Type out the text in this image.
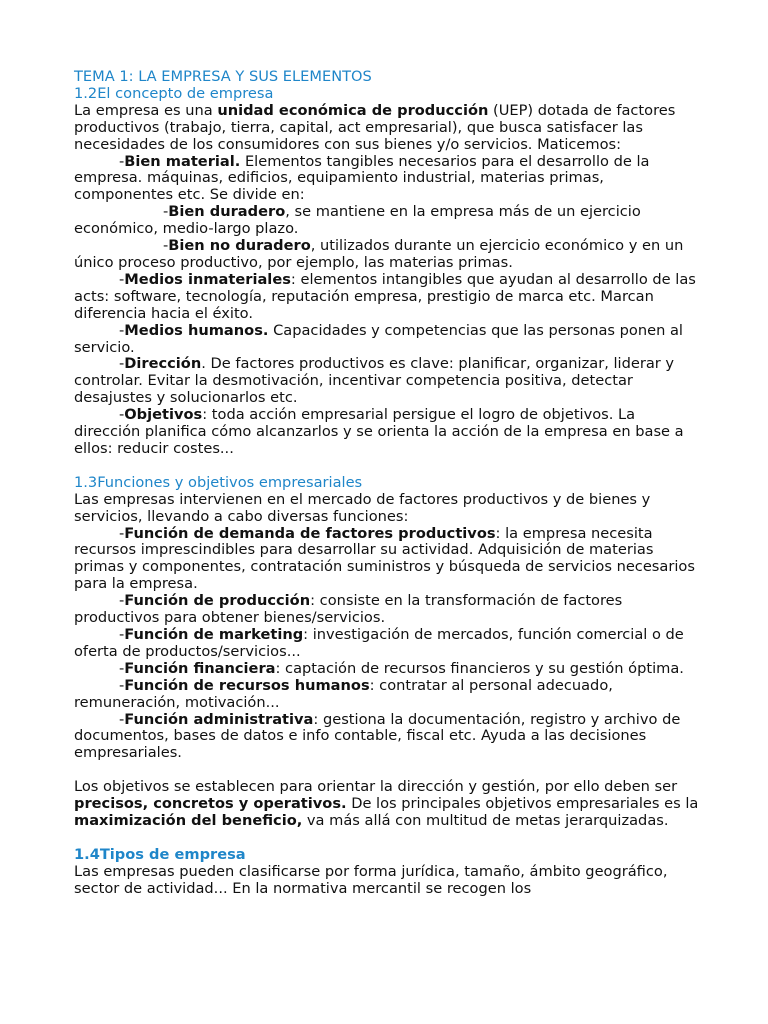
TEMA 1: LA EMPRESA Y SUS ELEMENTOS

1.2El concepto de empresa

La empresa es una unidad económica de producción (UEP) dotada de factores productivos (trabajo, tierra, capital, act empresarial), que busca satisfacer las necesidades de los consumidores con sus bienes y/o servicios. Maticemos:

-Bien material. Elementos tangibles necesarios para el desarrollo de la empresa. máquinas, edificios, equipamiento industrial, materias primas, componentes etc. Se divide en:

-Bien duradero, se mantiene en la empresa más de un ejercicio económico, medio-largo plazo.

-Bien no duradero, utilizados durante un ejercicio económico y en un único proceso productivo, por ejemplo, las materias primas.

-Medios inmateriales: elementos intangibles que ayudan al desarrollo de las acts: software, tecnología, reputación empresa, prestigio de marca etc. Marcan diferencia hacia el éxito.

-Medios humanos. Capacidades y competencias que las personas ponen al servicio.

-Dirección. De factores productivos es clave: planificar, organizar, liderar y controlar. Evitar la desmotivación, incentivar competencia positiva, detectar desajustes y solucionarlos etc.

-Objetivos: toda acción empresarial persigue el logro de objetivos. La dirección planifica cómo alcanzarlos y se orienta la acción de la empresa en base a ellos: reducir costes...

1.3Funciones y objetivos empresariales

Las empresas intervienen en el mercado de factores productivos y de bienes y servicios, llevando a cabo diversas funciones:

-Función de demanda de factores productivos: la empresa necesita recursos imprescindibles para desarrollar su actividad. Adquisición de materias primas y componentes, contratación suministros y búsqueda de servicios necesarios para la empresa.

-Función de producción: consiste en la transformación de factores productivos para obtener bienes/servicios.

-Función de marketing: investigación de mercados, función comercial o de oferta de productos/servicios...

-Función financiera: captación de recursos financieros y su gestión óptima.

-Función de recursos humanos: contratar al personal adecuado, remuneración, motivación...

-Función administrativa: gestiona la documentación, registro y archivo de documentos, bases de datos e info contable, fiscal etc. Ayuda a las decisiones empresariales.

Los objetivos se establecen para orientar la dirección y gestión, por ello deben ser precisos, concretos y operativos. De los principales objetivos empresariales es la maximización del beneficio, va más allá con multitud de metas jerarquizadas.

1.4Tipos de empresa

Las empresas pueden clasificarse por forma jurídica, tamaño, ámbito geográfico, sector de actividad... En la normativa mercantil se recogen los
